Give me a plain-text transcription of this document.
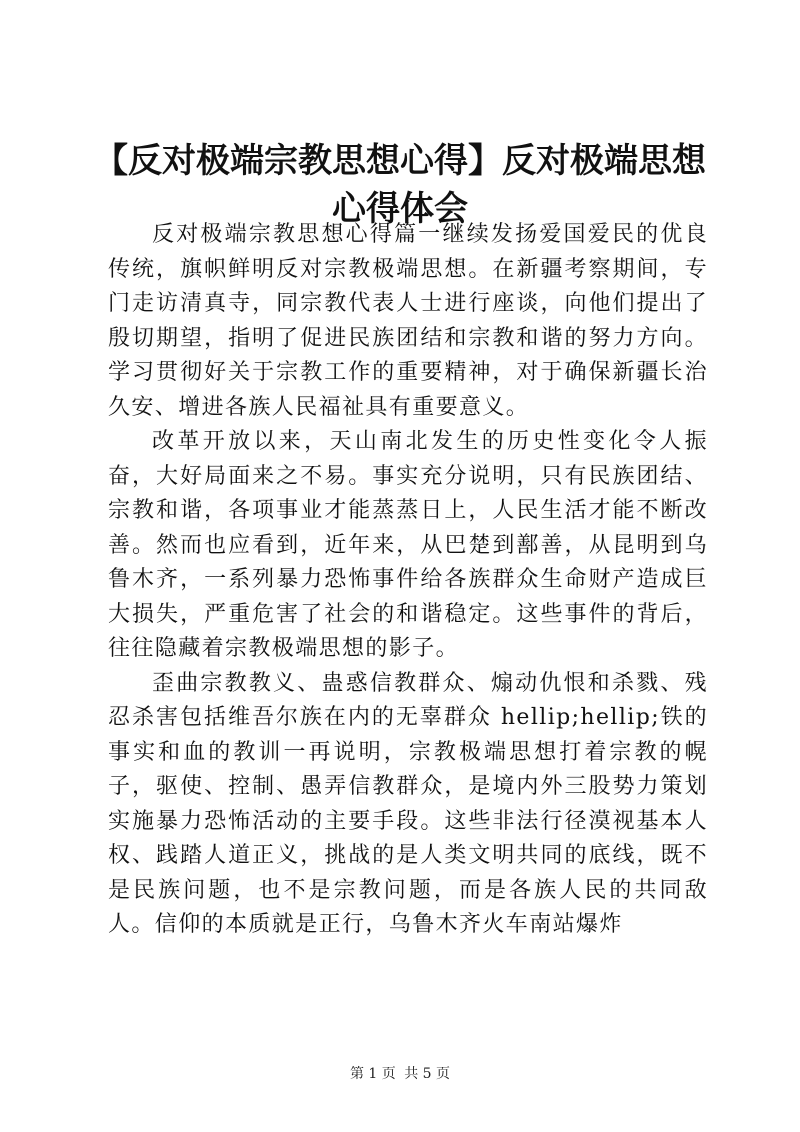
【反对极端宗教思想心得】反对极端思想心得体会

反对极端宗教思想心得篇一继续发扬爱国爱民的优良传统，旗帜鲜明反对宗教极端思想。在新疆考察期间，专门走访清真寺，同宗教代表人士进行座谈，向他们提出了殷切期望，指明了促进民族团结和宗教和谐的努力方向。学习贯彻好关于宗教工作的重要精神，对于确保新疆长治久安、增进各族人民福祉具有重要意义。

改革开放以来，天山南北发生的历史性变化令人振奋，大好局面来之不易。事实充分说明，只有民族团结、宗教和谐，各项事业才能蒸蒸日上，人民生活才能不断改善。然而也应看到，近年来，从巴楚到鄯善，从昆明到乌鲁木齐，一系列暴力恐怖事件给各族群众生命财产造成巨大损失，严重危害了社会的和谐稳定。这些事件的背后，往往隐藏着宗教极端思想的影子。

歪曲宗教教义、蛊惑信教群众、煽动仇恨和杀戮、残忍杀害包括维吾尔族在内的无辜群众 hellip;hellip;铁的事实和血的教训一再说明，宗教极端思想打着宗教的幌子，驱使、控制、愚弄信教群众，是境内外三股势力策划实施暴力恐怖活动的主要手段。这些非法行径漠视基本人权、践踏人道正义，挑战的是人类文明共同的底线，既不是民族问题，也不是宗教问题，而是各族人民的共同敌人。信仰的本质就是正行，乌鲁木齐火车南站爆炸

第 1 页 共 5 页
